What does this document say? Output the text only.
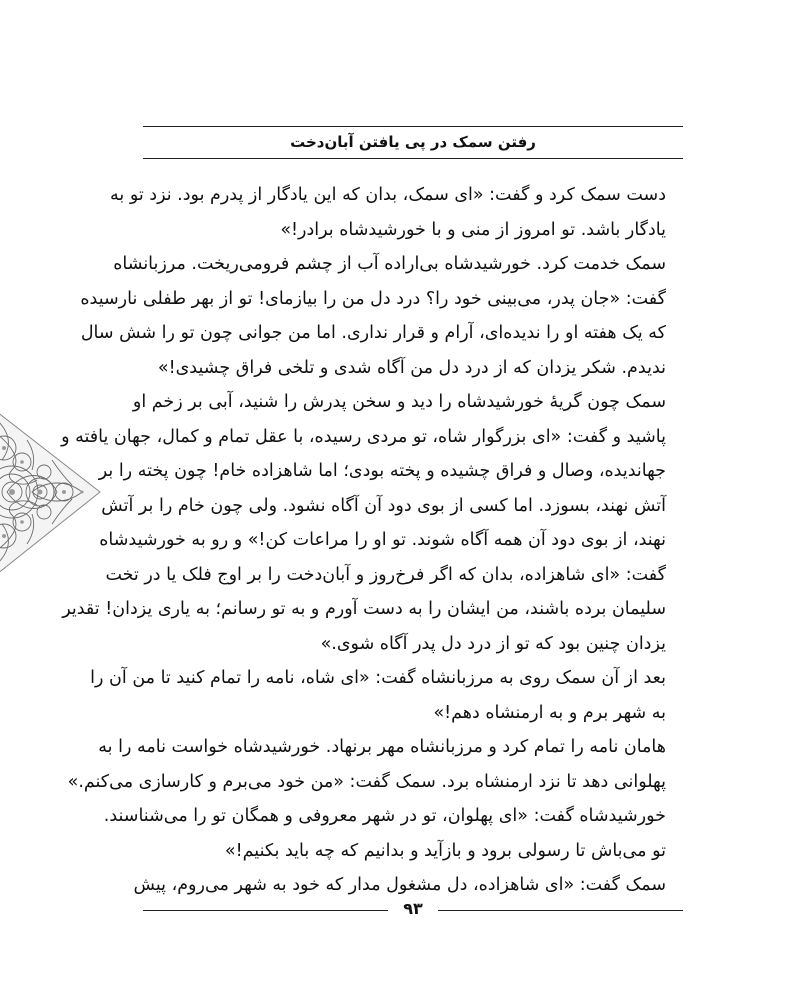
رفتن سمک در پی یافتن آبان‌دخت
دست سمک کرد و گفت: «ای سمک، بدان که این یادگار از پدرم بود. نزد تو به
یادگار باشد. تو امروز از منی و با خورشیدشاه برادر!»
سمک خدمت کرد. خورشیدشاه بی‌اراده آب از چشم فرومی‌ریخت. مرزبانشاه
گفت: «جان پدر، می‌بینی خود را؟ درد دل من را بیازمای! تو از بهر طفلی نارسیده
که یک هفته او را ندیده‌ای، آرام و قرار نداری. اما من جوانی چون تو را شش سال
ندیدم. شکر یزدان که از درد دل من آگاه شدی و تلخی فراق چشیدی!»
سمک چون گریهٔ خورشیدشاه را دید و سخن پدرش را شنید، آبی بر زخم او
پاشید و گفت: «ای بزرگوار شاه، تو مردی رسیده، با عقل تمام و کمال، جهان یافته و
جهاندیده، وصال و فراق چشیده و پخته بودی؛ اما شاهزاده خام! چون پخته را بر
آتش نهند، بسوزد. اما کسی از بوی دود آن آگاه نشود. ولی چون خام را بر آتش
نهند، از بوی دود آن همه آگاه شوند. تو او را مراعات کن!» و رو به خورشیدشاه
گفت: «ای شاهزاده، بدان که اگر فرخ‌روز و آبان‌دخت را بر اوج فلک یا در تخت
سلیمان برده باشند، من ایشان را به دست آورم و به تو رسانم؛ به یاری یزدان! تقدیر
یزدان چنین بود که تو از درد دل پدر آگاه شوی.»
بعد از آن سمک روی به مرزبانشاه گفت: «ای شاه، نامه را تمام کنید تا من آن را
به شهر برم و به ارمنشاه دهم!»
هامان نامه را تمام کرد و مرزبانشاه مهر برنهاد. خورشیدشاه خواست نامه را به
پهلوانی دهد تا نزد ارمنشاه برد. سمک گفت: «من خود می‌برم و کارسازی می‌کنم.»
خورشیدشاه گفت: «ای پهلوان، تو در شهر معروفی و همگان تو را می‌شناسند.
تو می‌باش تا رسولی برود و بازآید و بدانیم که چه باید بکنیم!»
سمک گفت: «ای شاهزاده، دل مشغول مدار که خود به شهر می‌روم، پیش
۹۳
